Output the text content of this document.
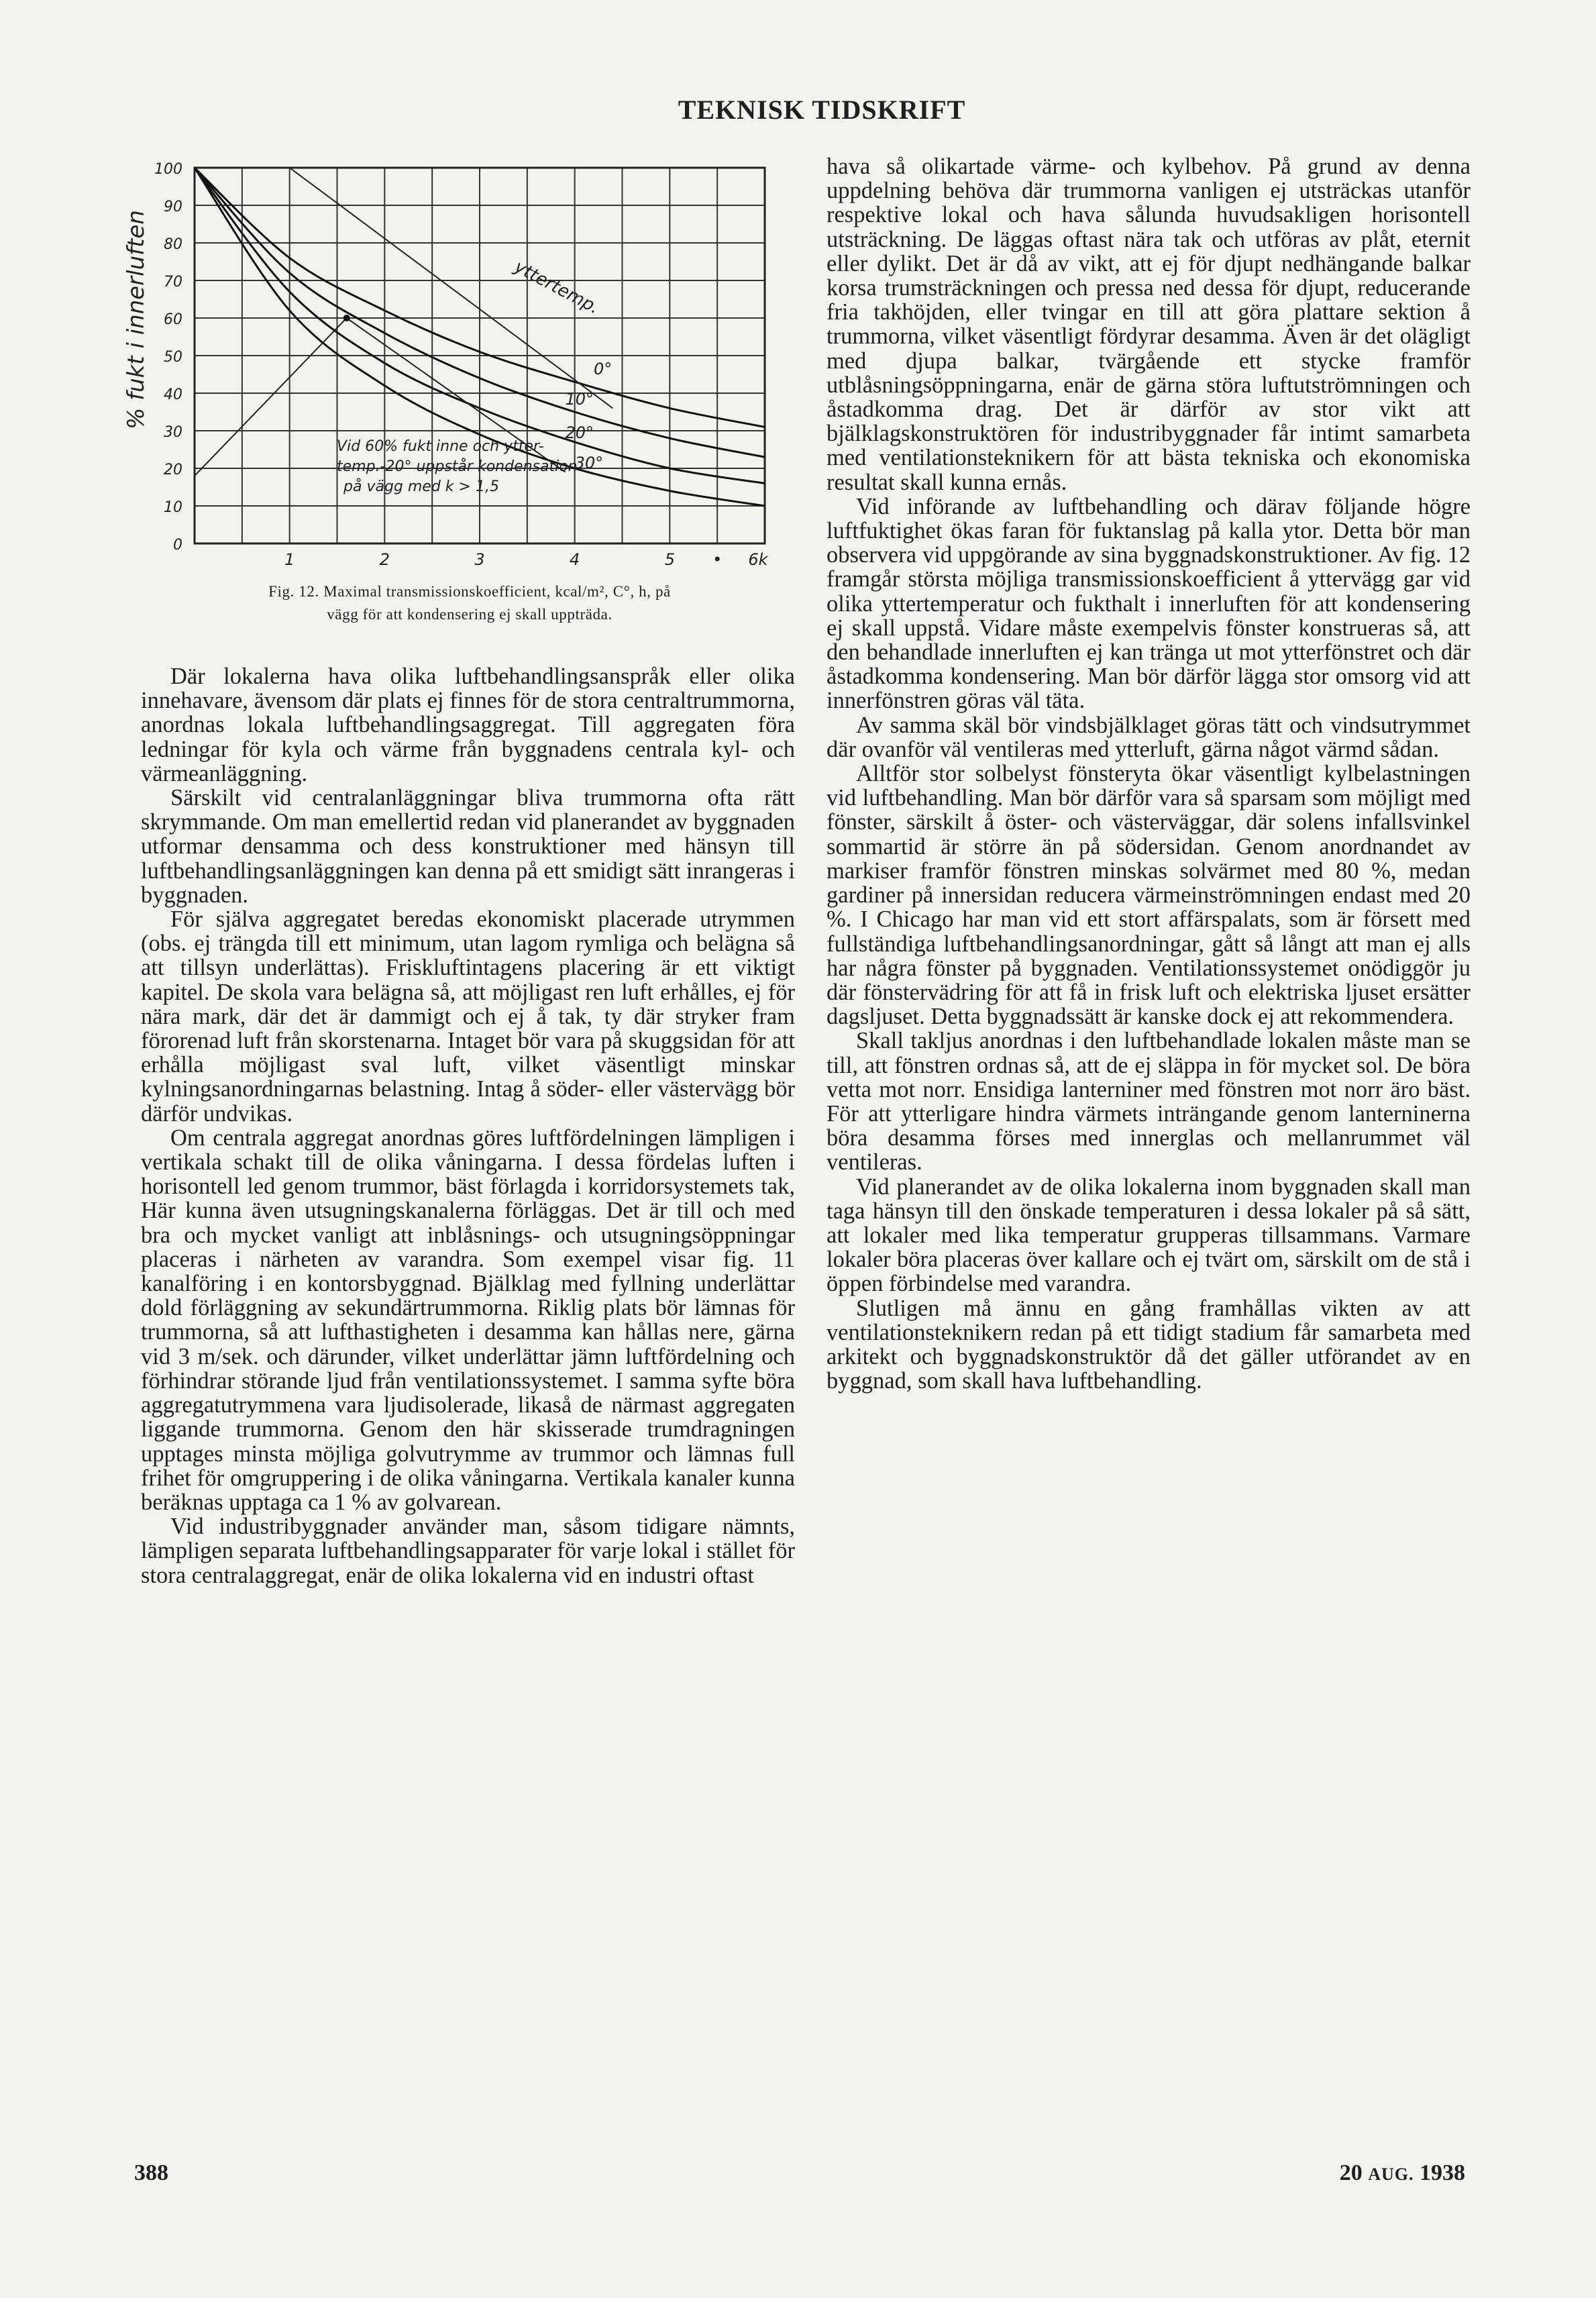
TEKNISK TIDSKRIFT
0
10
20
30
40
50
60
70
80
90
100
1	2	3	4	5 • 6k
0°
10°
20°
30°
% fukt i innerluften	yttertemp.
Vid 60% fukt inne och ytter-
temp.-20° uppstår kondensation
på vägg med k > 1,5
Fig. 12. Maximal transmissionskoefficient, kcal/m², C°, h, på
vägg för att kondensering ej skall uppträda.

Där lokalerna hava olika luftbehandlingsanspråk eller olika innehavare, ävensom där plats ej finnes för de stora centraltrummorna, anordnas lokala luftbehandlingsaggregat. Till aggregaten föra ledningar för kyla och värme från byggnadens centrala kyl- och värmeanläggning.

Särskilt vid centralanläggningar bliva trummorna ofta rätt skrymmande. Om man emellertid redan vid planerandet av byggnaden utformar densamma och dess konstruktioner med hänsyn till luftbehandlingsanläggningen kan denna på ett smidigt sätt inrangeras i byggnaden.

För själva aggregatet beredas ekonomiskt placerade utrymmen (obs. ej trängda till ett minimum, utan lagom rymliga och belägna så att tillsyn underlättas). Friskluftintagens placering är ett viktigt kapitel. De skola vara belägna så, att möjligast ren luft erhålles, ej för nära mark, där det är dammigt och ej å tak, ty där stryker fram förorenad luft från skorstenarna. Intaget bör vara på skuggsidan för att erhålla möjligast sval luft, vilket väsentligt minskar kylningsanordningarnas belastning. Intag å söder- eller västervägg bör därför undvikas.

Om centrala aggregat anordnas göres luftfördelningen lämpligen i vertikala schakt till de olika våningarna. I dessa fördelas luften i horisontell led genom trummor, bäst förlagda i korridorsystemets tak, Här kunna även utsugningskanalerna förläggas. Det är till och med bra och mycket vanligt att inblåsnings- och utsugningsöppningar placeras i närheten av varandra. Som exempel visar fig. 11 kanalföring i en kontorsbyggnad. Bjälklag med fyllning underlättar dold förläggning av sekundärtrummorna. Riklig plats bör lämnas för trummorna, så att lufthastigheten i desamma kan hållas nere, gärna vid 3 m/sek. och därunder, vilket underlättar jämn luftfördelning och förhindrar störande ljud från ventilationssystemet. I samma syfte böra aggregatutrymmena vara ljudisolerade, likaså de närmast aggregaten liggande trummorna. Genom den här skisserade trumdragningen upptages minsta möjliga golvutrymme av trummor och lämnas full frihet för omgruppering i de olika våningarna. Vertikala kanaler kunna beräknas upptaga ca 1 % av golvarean.

Vid industribyggnader använder man, såsom tidigare nämnts, lämpligen separata luftbehandlingsapparater för varje lokal i stället för stora centralaggregat, enär de olika lokalerna vid en industri oftast

hava så olikartade värme- och kylbehov. På grund av denna uppdelning behöva där trummorna vanligen ej utsträckas utanför respektive lokal och hava sålunda huvudsakligen horisontell utsträckning. De läggas oftast nära tak och utföras av plåt, eternit eller dylikt. Det är då av vikt, att ej för djupt nedhängande balkar korsa trumsträckningen och pressa ned dessa för djupt, reducerande fria takhöjden, eller tvingar en till att göra plattare sektion å trummorna, vilket väsentligt fördyrar desamma. Även är det olägligt med djupa balkar, tvärgående ett stycke framför utblåsningsöppningarna, enär de gärna störa luftutströmningen och åstadkomma drag. Det är därför av stor vikt att bjälklagskonstruktören för industribyggnader får intimt samarbeta med ventilationsteknikern för att bästa tekniska och ekonomiska resultat skall kunna ernås.

Vid införande av luftbehandling och därav följande högre luftfuktighet ökas faran för fuktanslag på kalla ytor. Detta bör man observera vid uppgörande av sina byggnadskonstruktioner. Av fig. 12 framgår största möjliga transmissionskoefficient å yttervägg gar vid olika yttertemperatur och fukthalt i innerluften för att kondensering ej skall uppstå. Vidare måste exempelvis fönster konstrueras så, att den behandlade innerluften ej kan tränga ut mot ytterfönstret och där åstadkomma kondensering. Man bör därför lägga stor omsorg vid att innerfönstren göras väl täta.

Av samma skäl bör vindsbjälklaget göras tätt och vindsutrymmet där ovanför väl ventileras med ytterluft, gärna något värmd sådan.

Alltför stor solbelyst fönsteryta ökar väsentligt kylbelastningen vid luftbehandling. Man bör därför vara så sparsam som möjligt med fönster, särskilt å öster- och västerväggar, där solens infallsvinkel sommartid är större än på södersidan. Genom anordnandet av markiser framför fönstren minskas solvärmet med 80 %, medan gardiner på innersidan reducera värmeinströmningen endast med 20 %. I Chicago har man vid ett stort affärspalats, som är försett med fullständiga luftbehandlingsanordningar, gått så långt att man ej alls har några fönster på byggnaden. Ventilationssystemet onödiggör ju där fönstervädring för att få in frisk luft och elektriska ljuset ersätter dagsljuset. Detta byggnadssätt är kanske dock ej att rekommendera.

Skall takljus anordnas i den luftbehandlade lokalen måste man se till, att fönstren ordnas så, att de ej släppa in för mycket sol. De böra vetta mot norr. Ensidiga lanterniner med fönstren mot norr äro bäst. För att ytterligare hindra värmets inträngande genom lanterninerna böra desamma förses med innerglas och mellanrummet väl ventileras.

Vid planerandet av de olika lokalerna inom byggnaden skall man taga hänsyn till den önskade temperaturen i dessa lokaler på så sätt, att lokaler med lika temperatur grupperas tillsammans. Varmare lokaler böra placeras över kallare och ej tvärt om, särskilt om de stå i öppen förbindelse med varandra.

Slutligen må ännu en gång framhållas vikten av att ventilationsteknikern redan på ett tidigt stadium får samarbeta med arkitekt och byggnadskonstruktör då det gäller utförandet av en byggnad, som skall hava luftbehandling.

388	20 AUG. 1938
